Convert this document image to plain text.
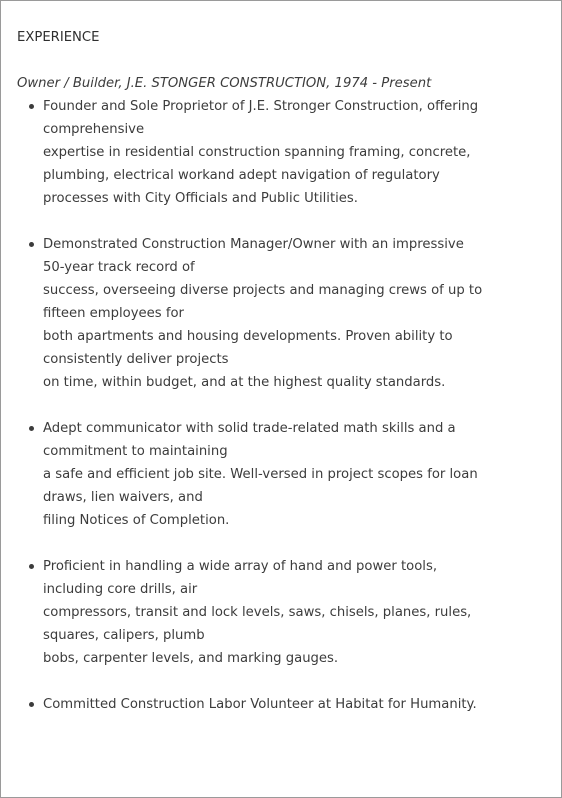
EXPERIENCE
Owner / Builder, J.E. STONGER CONSTRUCTION, 1974 - Present
Founder and Sole Proprietor of J.E. Stronger Construction, offering comprehensive
expertise in residential construction spanning framing, concrete, plumbing, electrical workand adept navigation of regulatory processes with City Officials and Public Utilities.
Demonstrated Construction Manager/Owner with an impressive 50-year track record of
success, overseeing diverse projects and managing crews of up to fifteen employees for
both apartments and housing developments. Proven ability to consistently deliver projects
on time, within budget, and at the highest quality standards.
Adept communicator with solid trade-related math skills and a commitment to maintaining
a safe and efficient job site. Well-versed in project scopes for loan draws, lien waivers, and
filing Notices of Completion.
Proficient in handling a wide array of hand and power tools, including core drills, air
compressors, transit and lock levels, saws, chisels, planes, rules, squares, calipers, plumb
bobs, carpenter levels, and marking gauges.
Committed Construction Labor Volunteer at Habitat for Humanity.
